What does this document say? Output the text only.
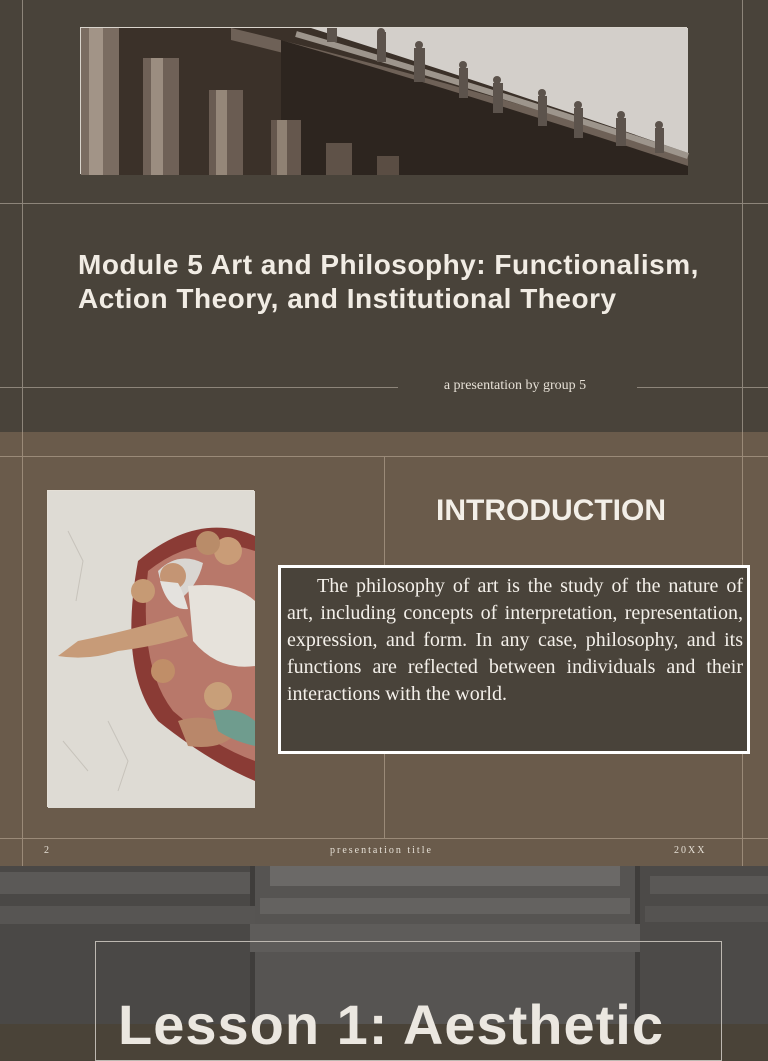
Module 5 Art and Philosophy: Functionalism, Action Theory, and Institutional Theory
a presentation by group 5
INTRODUCTION

The philosophy of art is the study of the nature of art, including concepts of interpretation, representation, expression, and form. In any case, philosophy, and its functions are reflected between individuals and their interactions with the world.

2	presentation title	20XX
Lesson 1: Aesthetic
